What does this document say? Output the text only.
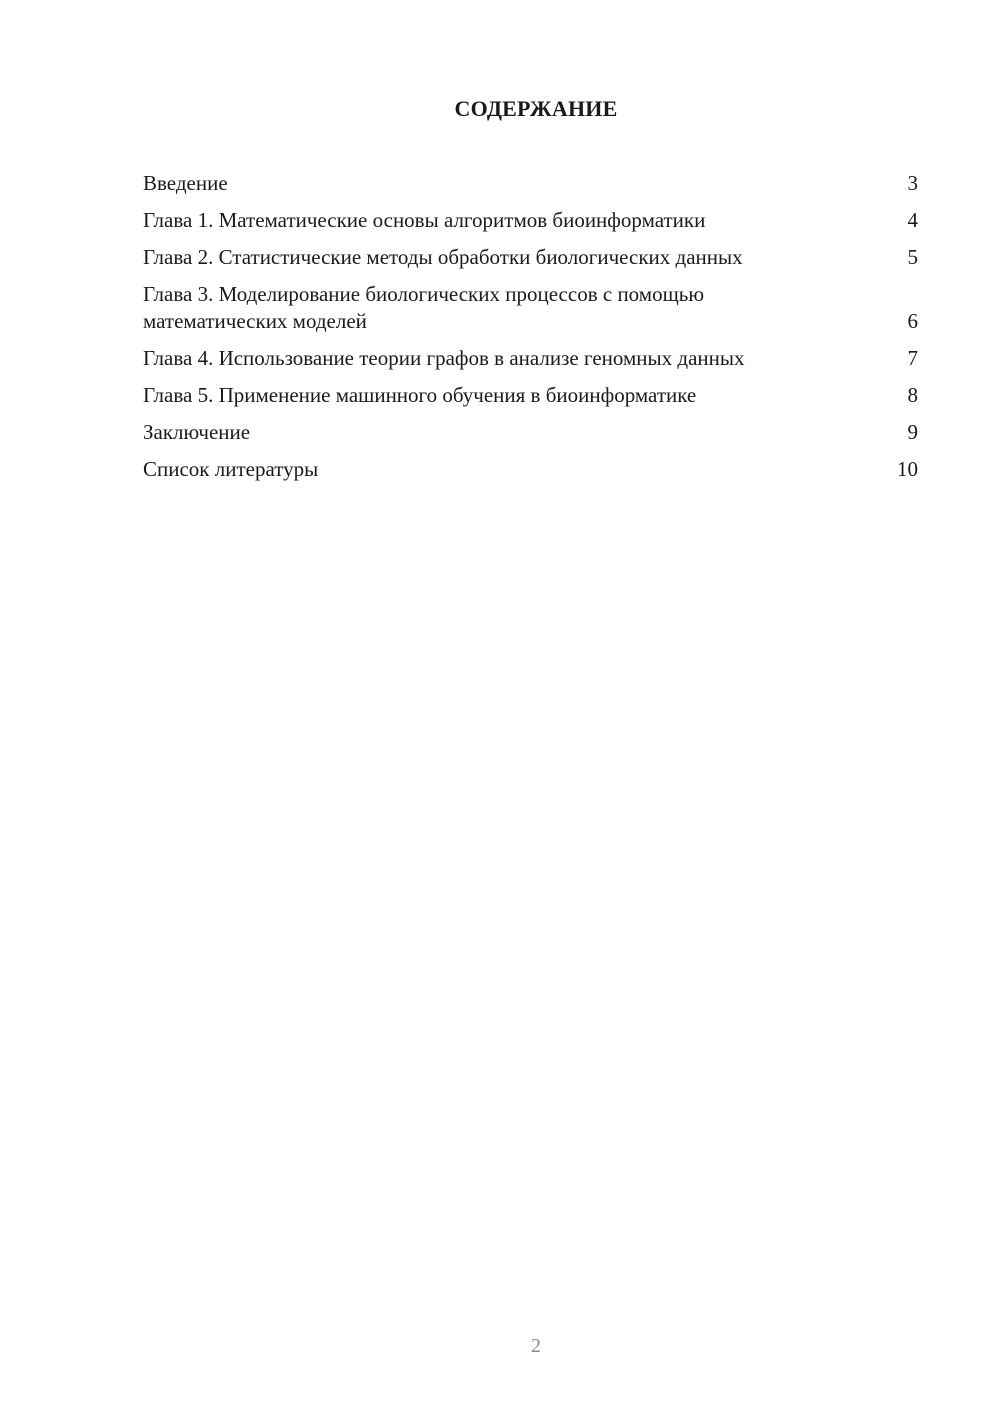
СОДЕРЖАНИЕ
Введение	3
Глава 1. Математические основы алгоритмов биоинформатики	4
Глава 2. Статистические методы обработки биологических данных	5
Глава 3. Моделирование биологических процессов с помощью математических моделей	6
Глава 4. Использование теории графов в анализе геномных данных	7
Глава 5. Применение машинного обучения в биоинформатике	8
Заключение	9
Список литературы	10
2
